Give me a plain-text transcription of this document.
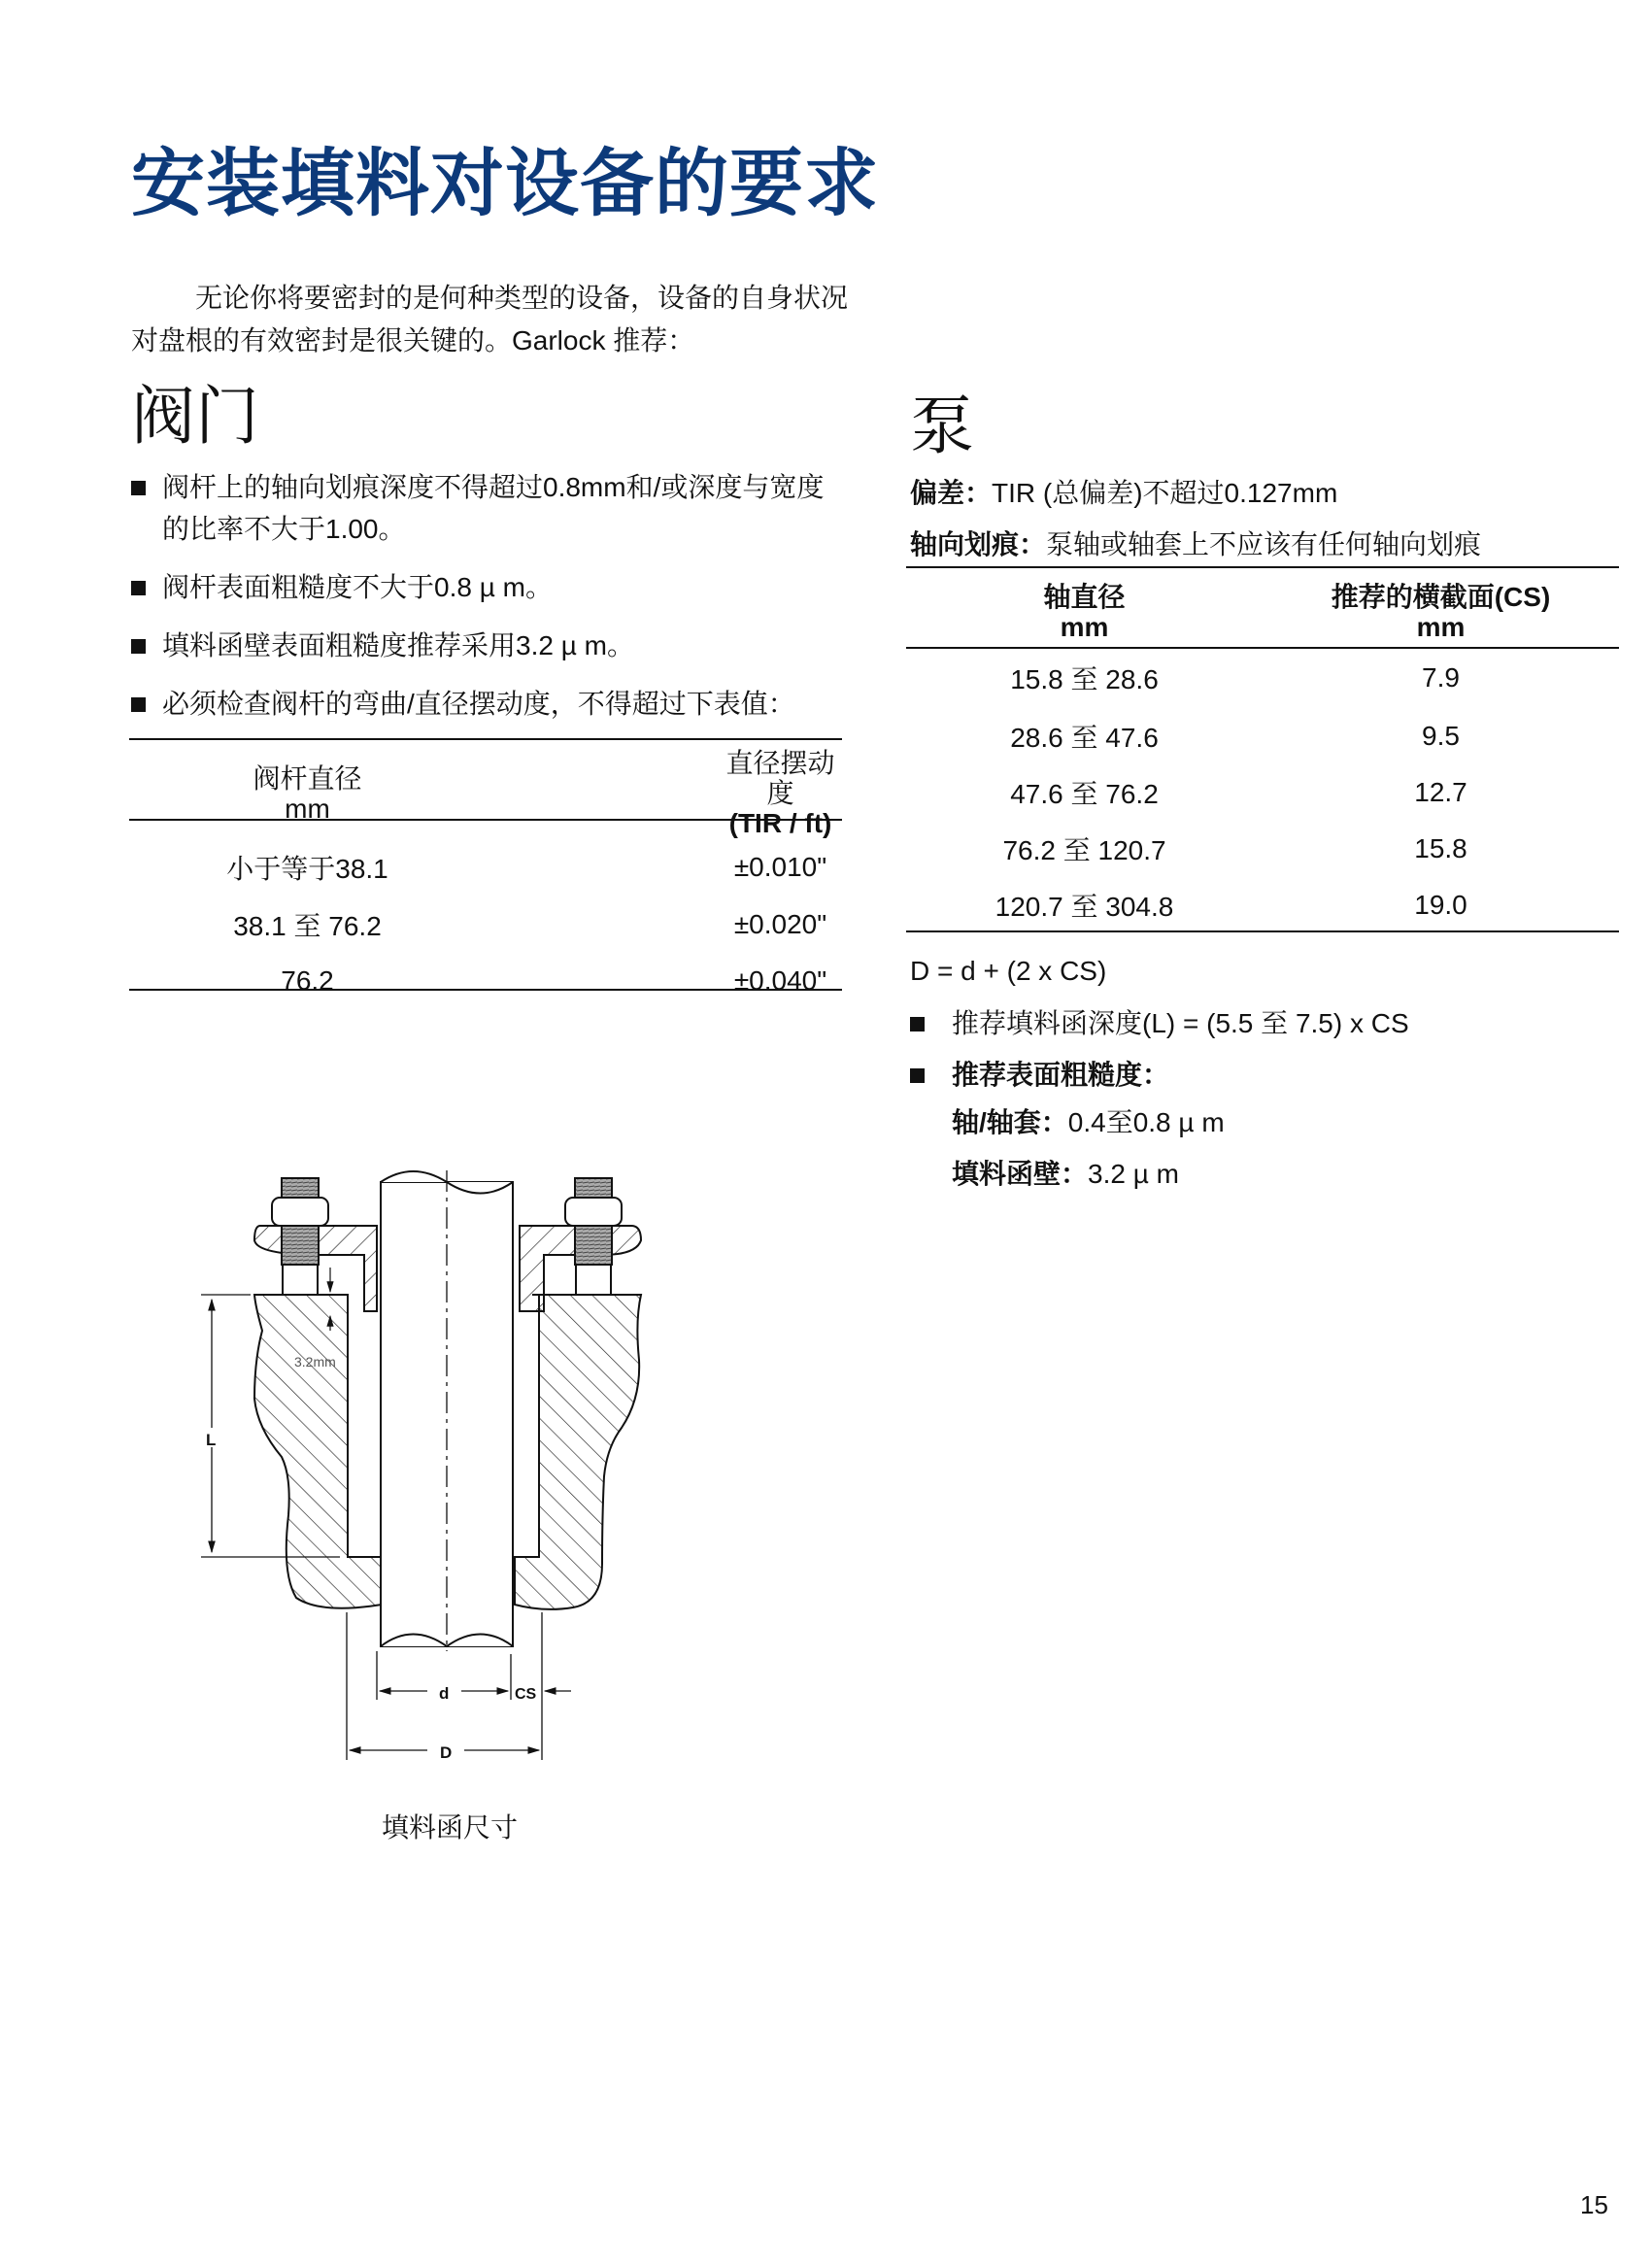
安装填料对设备的要求

无论你将要密封的是何种类型的设备，设备的自身状况对盘根的有效密封是很关键的。Garlock 推荐：

阀门
阀杆上的轴向划痕深度不得超过0.8mm和/或深度与宽度的比率不大于1.00。
阀杆表面粗糙度不大于0.8 µ m。
填料函壁表面粗糙度推荐采用3.2 µ m。
必须检查阀杆的弯曲/直径摆动度，不得超过下表值：
阀杆直径
mm

直径摆动度
(TIR / ft)

小于等于38.1	±0.010"
38.1 至 76.2	±0.020"
76.2	±0.040"
泵
偏差：TIR (总偏差)不超过0.127mm
轴向划痕：泵轴或轴套上不应该有任何轴向划痕
轴直径
mm

推荐的横截面(CS)
mm

15.8 至 28.6	7.9
28.6 至 47.6	9.5
47.6 至 76.2	12.7
76.2 至 120.7	15.8
120.7 至 304.8	19.0
D = d + (2 x CS)
推荐填料函深度(L) = (5.5 至 7.5) x CS
推荐表面粗糙度：
轴/轴套：0.4至0.8 µ m
填料函壁：3.2 µ m
3.2mm
L
d	CS
D
填料函尺寸
15
